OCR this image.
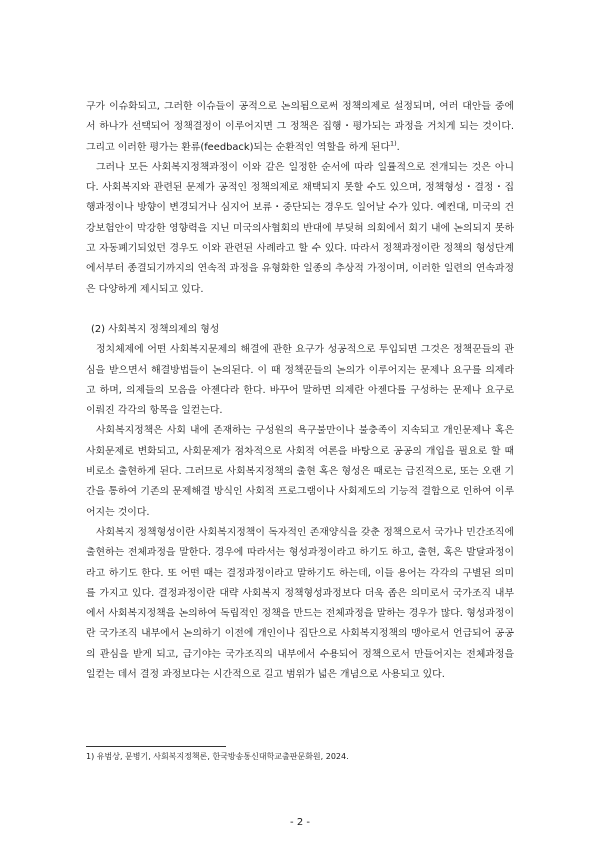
구가 이슈화되고, 그러한 이슈들이 공적으로 논의됨으로써 정책의제로 설정되며, 여러 대안들 중에서 하나가 선택되어 정책결정이 이루어지면 그 정책은 집행・평가되는 과정을 거치게 되는 것이다. 그리고 이러한 평가는 환류(feedback)되는 순환적인 역할을 하게 된다$^{1)}$.

그러나 모든 사회복지정책과정이 이와 같은 일정한 순서에 따라 일률적으로 전개되는 것은 아니다. 사회복지와 관련된 문제가 공적인 정책의제로 채택되지 못할 수도 있으며, 정책형성・결정・집행과정이나 방향이 변경되거나 심지어 보류・중단되는 경우도 일어날 수가 있다. 예컨대, 미국의 건강보험안이 막강한 영향력을 지닌 미국의사협회의 반대에 부딪혀 의회에서 회기 내에 논의되지 못하고 자동폐기되었던 경우도 이와 관련된 사례라고 할 수 있다. 따라서 정책과정이란 정책의 형성단계에서부터 종결되기까지의 연속적 과정을 유형화한 일종의 추상적 가정이며, 이러한 일련의 연속과정은 다양하게 제시되고 있다.

(2) 사회복지 정책의제의 형성

정치체제에 어떤 사회복지문제의 해결에 관한 요구가 성공적으로 투입되면 그것은 정책꾼들의 관심을 받으면서 해결방법들이 논의된다. 이 때 정책꾼들의 논의가 이루어지는 문제나 요구를 의제라고 하며, 의제들의 모음을 아젠다라 한다. 바꾸어 말하면 의제란 아젠다를 구성하는 문제나 요구로 이뤄진 각각의 항목을 일컫는다.

사회복지정책은 사회 내에 존재하는 구성원의 욕구불만이나 불충족이 지속되고 개인문제나 혹은 사회문제로 변화되고, 사회문제가 점차적으로 사회적 여론을 바탕으로 공공의 개입을 필요로 할 때 비로소 출현하게 된다. 그러므로 사회복지정책의 출현 혹은 형성은 때로는 급진적으로, 또는 오랜 기간을 통하여 기존의 문제해결 방식인 사회적 프로그램이나 사회제도의 기능적 결합으로 인하여 이루어지는 것이다.

사회복지 정책형성이란 사회복지정책이 독자적인 존재양식을 갖춘 정책으로서 국가나 민간조직에 출현하는 전체과정을 말한다. 경우에 따라서는 형성과정이라고 하기도 하고, 출현, 혹은 발달과정이라고 하기도 한다. 또 어떤 때는 결정과정이라고 말하기도 하는데, 이들 용어는 각각의 구별된 의미를 가지고 있다. 결정과정이란 대략 사회복지 정책형성과정보다 더욱 좁은 의미로서 국가조직 내부에서 사회복지정책을 논의하여 독립적인 정책을 만드는 전체과정을 말하는 경우가 많다. 형성과정이란 국가조직 내부에서 논의하기 이전에 개인이나 집단으로 사회복지정책의 맹아로서 언급되어 공공의 관심을 받게 되고, 급기야는 국가조직의 내부에서 수용되어 정책으로서 만들어지는 전체과정을 일컫는 데서 결정 과정보다는 시간적으로 길고 범위가 넓은 개념으로 사용되고 있다.

1) 유범상, 문병기, 사회복지정책론, 한국방송통신대학교출판문화원, 2024.
- 2 -
